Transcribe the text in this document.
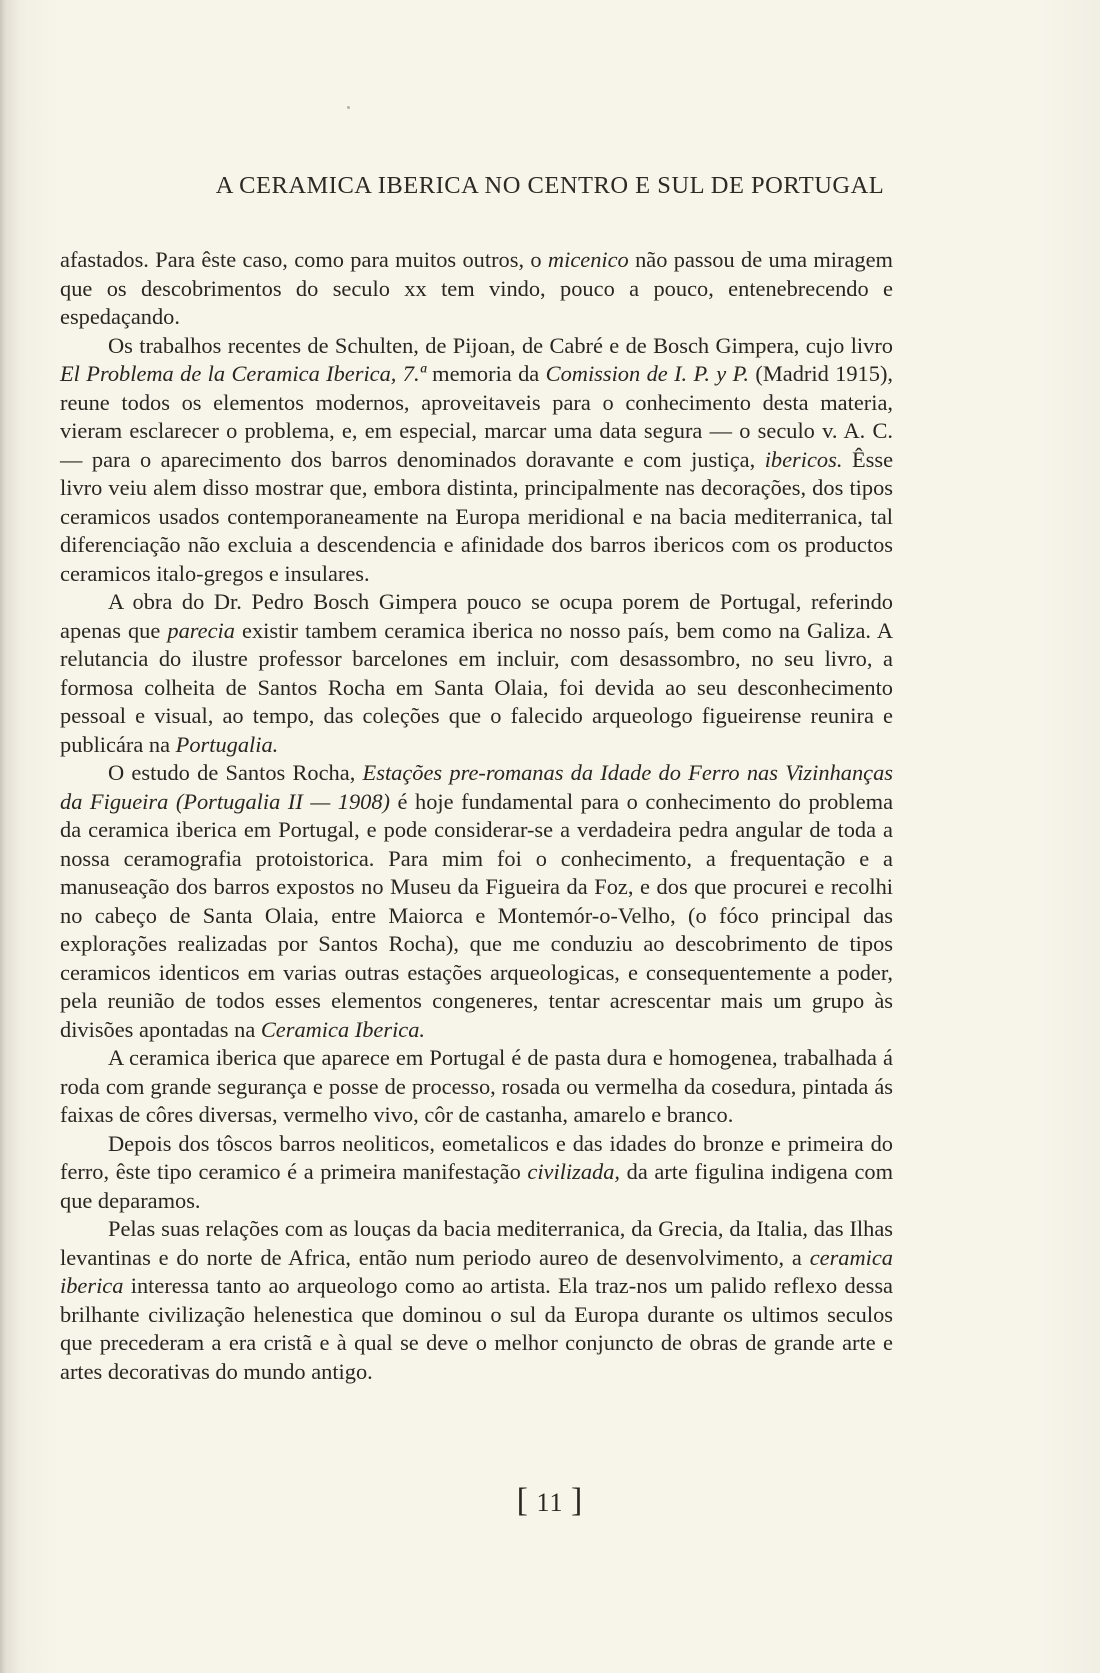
A CERAMICA IBERICA NO CENTRO E SUL DE PORTUGAL

afastados. Para êste caso, como para muitos outros, o micenico não passou de uma miragem que os descobrimentos do seculo xx tem vindo, pouco a pouco, entenebrecendo e espedaçando.

Os trabalhos recentes de Schulten, de Pijoan, de Cabré e de Bosch Gimpera, cujo livro El Problema de la Ceramica Iberica, 7.ª memoria da Comission de I. P. y P. (Madrid 1915), reune todos os elementos modernos, aproveitaveis para o conhecimento desta materia, vieram esclarecer o problema, e, em especial, marcar uma data segura — o seculo v. A. C. — para o aparecimento dos barros denominados doravante e com justiça, ibericos. Êsse livro veiu alem disso mostrar que, embora distinta, principalmente nas decorações, dos tipos ceramicos usados contemporaneamente na Europa meridional e na bacia mediterranica, tal diferenciação não excluia a descendencia e afinidade dos barros ibericos com os productos ceramicos italo-gregos e insulares.

A obra do Dr. Pedro Bosch Gimpera pouco se ocupa porem de Portugal, referindo apenas que parecia existir tambem ceramica iberica no nosso país, bem como na Galiza. A relutancia do ilustre professor barcelones em incluir, com desassombro, no seu livro, a formosa colheita de Santos Rocha em Santa Olaia, foi devida ao seu desconhecimento pessoal e visual, ao tempo, das coleções que o falecido arqueologo figueirense reunira e publicára na Portugalia.

O estudo de Santos Rocha, Estações pre-romanas da Idade do Ferro nas Vizinhanças da Figueira (Portugalia II — 1908) é hoje fundamental para o conhecimento do problema da ceramica iberica em Portugal, e pode considerar-se a verdadeira pedra angular de toda a nossa ceramografia protoistorica. Para mim foi o conhecimento, a frequentação e a manuseação dos barros expostos no Museu da Figueira da Foz, e dos que procurei e recolhi no cabeço de Santa Olaia, entre Maiorca e Montemór-o-Velho, (o fóco principal das explorações realizadas por Santos Rocha), que me conduziu ao descobrimento de tipos ceramicos identicos em varias outras estações arqueologicas, e consequentemente a poder, pela reunião de todos esses elementos congeneres, tentar acrescentar mais um grupo às divisões apontadas na Ceramica Iberica.

A ceramica iberica que aparece em Portugal é de pasta dura e homogenea, trabalhada á roda com grande segurança e posse de processo, rosada ou vermelha da cosedura, pintada ás faixas de côres diversas, vermelho vivo, côr de castanha, amarelo e branco.

Depois dos tôscos barros neoliticos, eometalicos e das idades do bronze e primeira do ferro, êste tipo ceramico é a primeira manifestação civilizada, da arte figulina indigena com que deparamos.

Pelas suas relações com as louças da bacia mediterranica, da Grecia, da Italia, das Ilhas levantinas e do norte de Africa, então num periodo aureo de desenvolvimento, a ceramica iberica interessa tanto ao arqueologo como ao artista. Ela traz-nos um palido reflexo dessa brilhante civilização helenestica que dominou o sul da Europa durante os ultimos seculos que precederam a era cristã e à qual se deve o melhor conjuncto de obras de grande arte e artes decorativas do mundo antigo.

[ 11 ]
